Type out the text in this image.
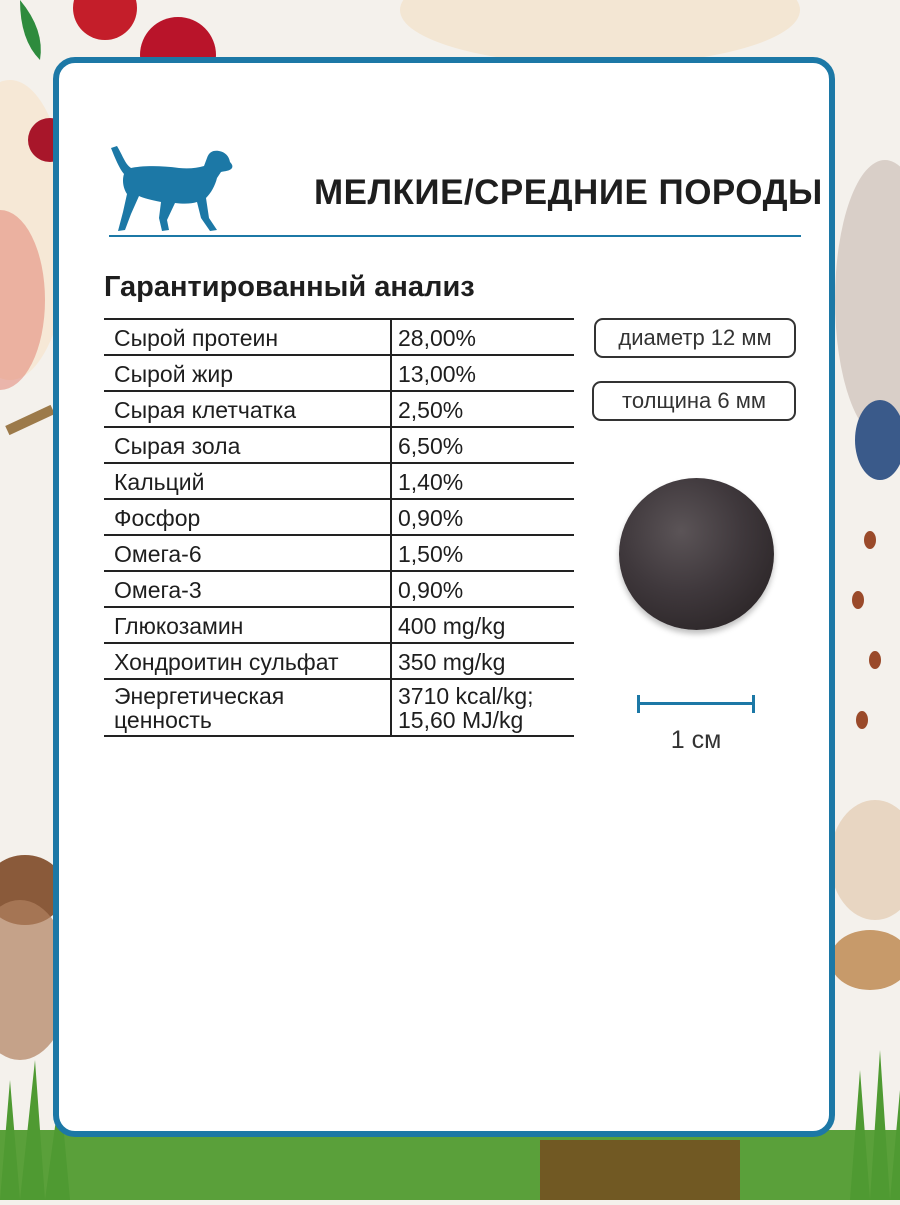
МЕЛКИЕ/СРЕДНИЕ ПОРОДЫ
Гарантированный анализ
Сырой протеин	28,00%
Сырой жир	13,00%
Сырая клетчатка	2,50%
Сырая зола	6,50%
Кальций	1,40%
Фосфор	0,90%
Омега-6	1,50%
Омега-3	0,90%
Глюкозамин	400 mg/kg
Хондроитин сульфат	350 mg/kg
Энергетическая ценность	3710 kcal/kg; 15,60 MJ/kg
диаметр 12 мм
толщина 6 мм
1 см
